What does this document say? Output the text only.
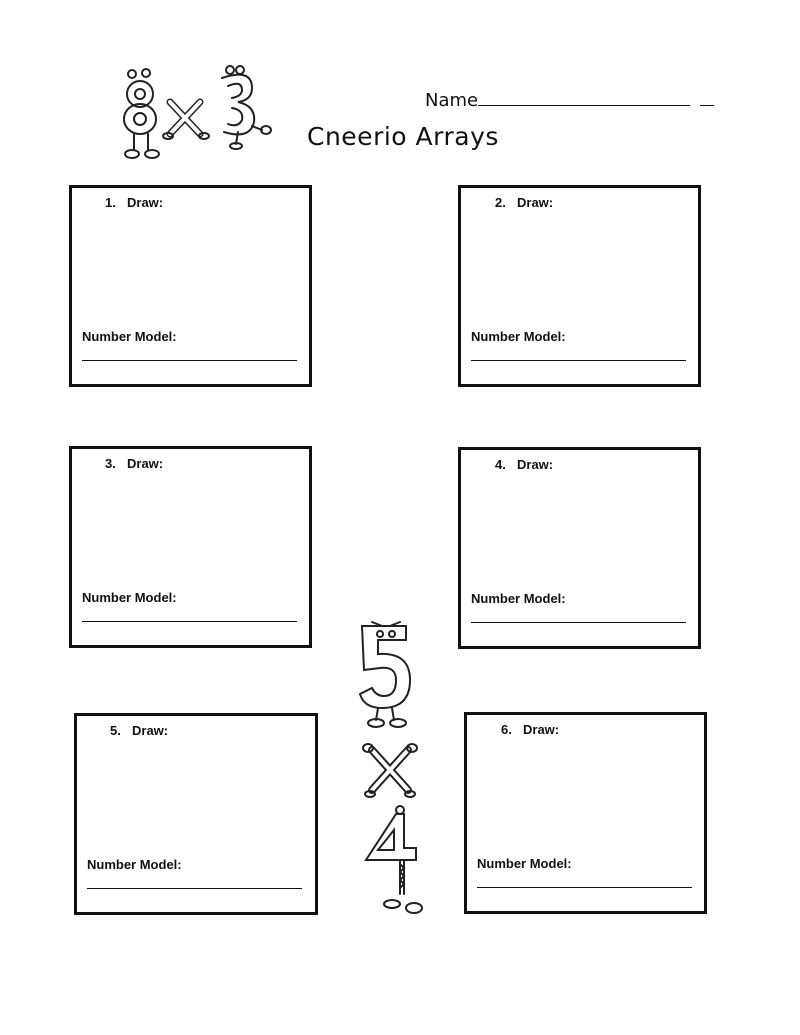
Name
Cneerio Arrays
1. Draw:
Number Model:
2. Draw:
Number Model:
3. Draw:
Number Model:
4. Draw:
Number Model:
5. Draw:
Number Model:
6. Draw:
Number Model:
